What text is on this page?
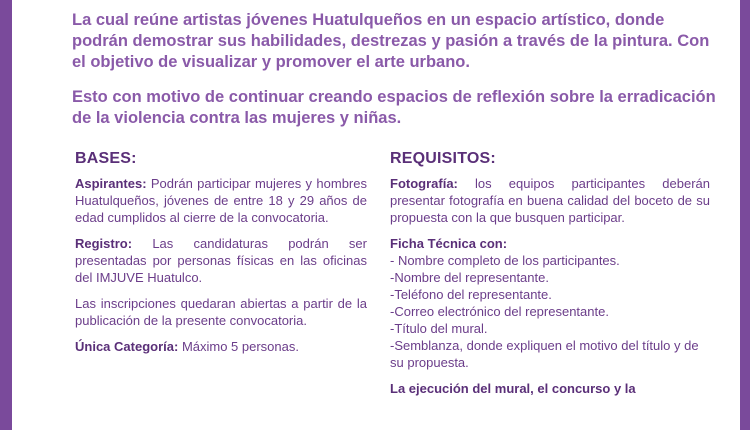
La cual reúne artistas jóvenes Huatulqueños en un espacio artístico, donde podrán demostrar sus habilidades, destrezas y pasión a través de la pintura. Con el objetivo de visualizar y promover el arte urbano.

Esto con motivo de continuar creando espacios de reflexión sobre la erradicación de la violencia contra las mujeres y niñas.

BASES:

Aspirantes: Podrán participar mujeres y hombres Huatulqueños, jóvenes de entre 18 y 29 años de edad cumplidos al cierre de la convocatoria.

Registro: Las candidaturas podrán ser presentadas por personas físicas en las oficinas del IMJUVE Huatulco.

Las inscripciones quedaran abiertas a partir de la publicación de la presente convocatoria.

Única Categoría: Máximo 5 personas.

REQUISITOS:

Fotografía: los equipos participantes deberán presentar fotografía en buena calidad del boceto de su propuesta con la que busquen participar.

Ficha Técnica con:
- Nombre completo de los participantes.
-Nombre del representante.
-Teléfono del representante.
-Correo electrónico del representante.
-Título del mural.
-Semblanza, donde expliquen el motivo del título y de su propuesta.

La ejecución del mural, el concurso y la
